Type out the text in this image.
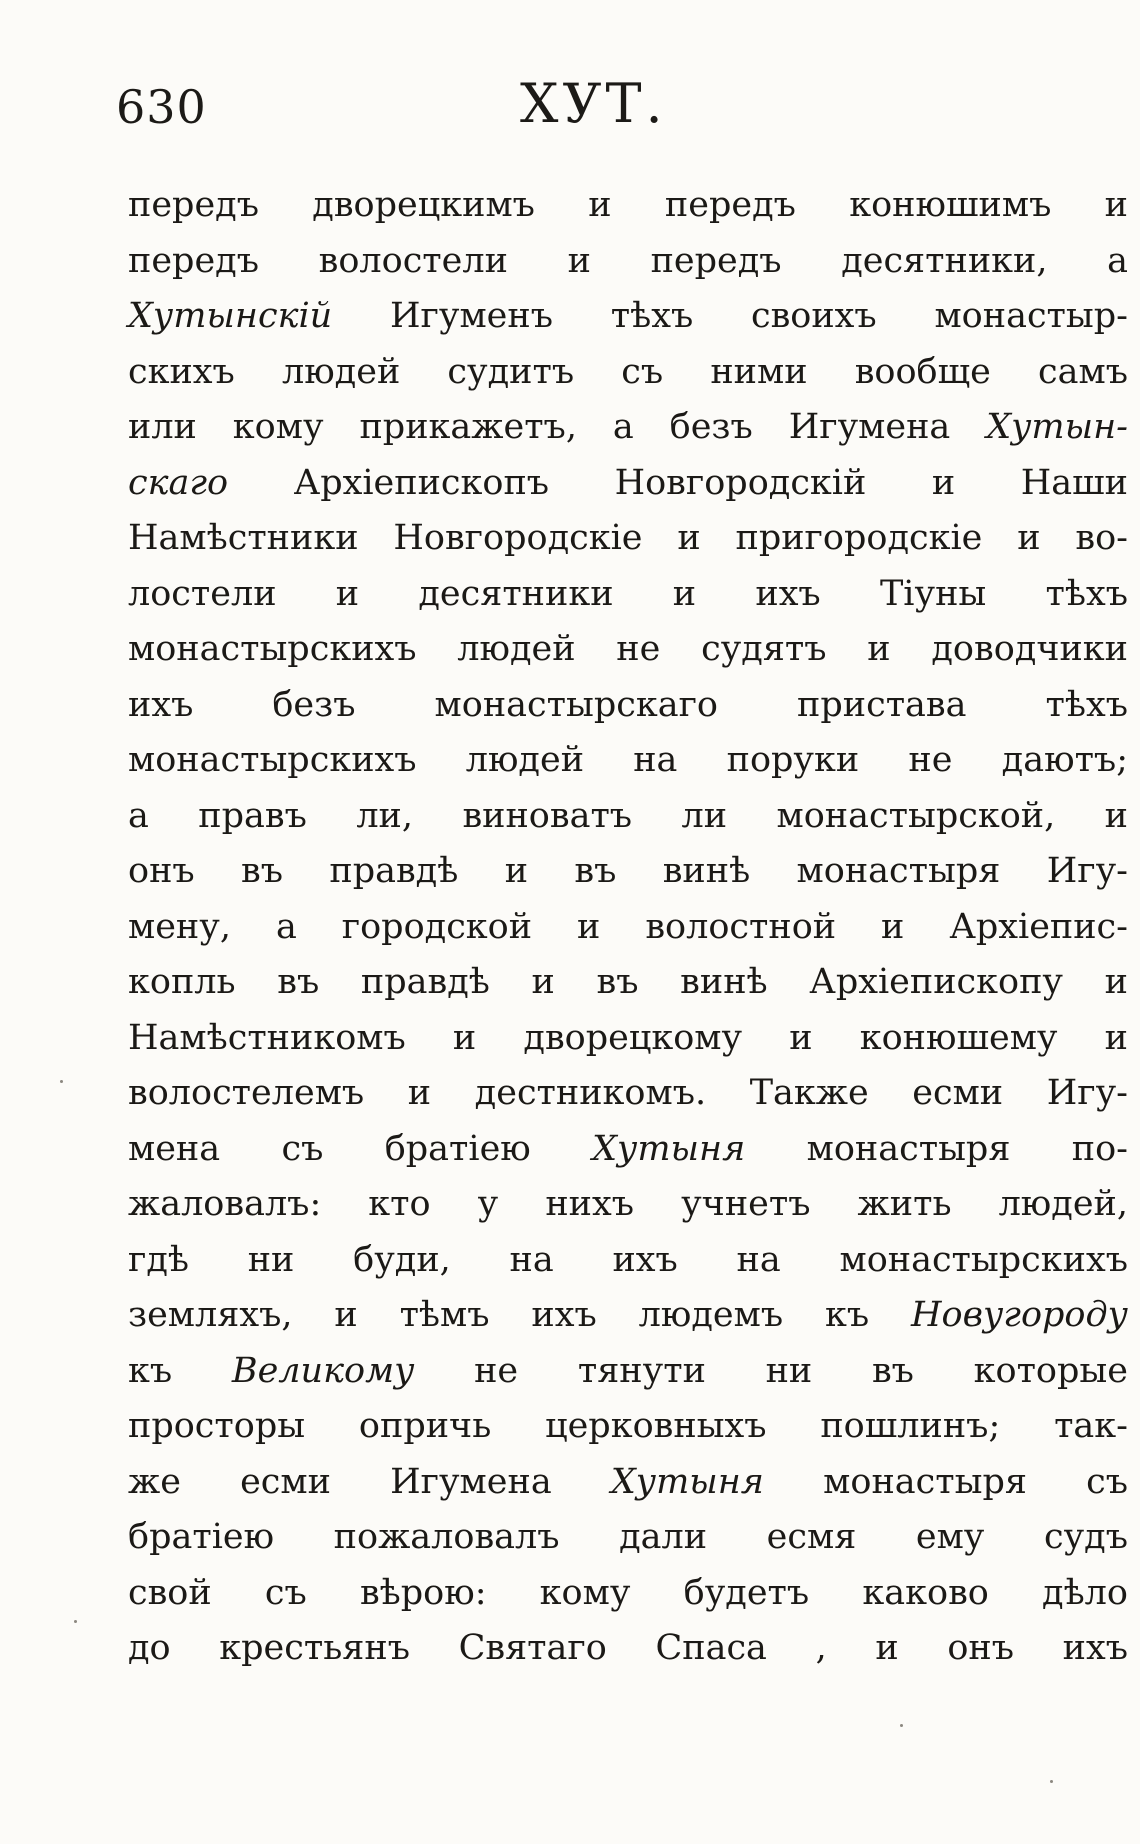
630	ХУТ.
передъ дворецкимъ и передъ конюшимъ и
передъ волостели и передъ десятники, а
Хутынскій Игуменъ тѣхъ своихъ монастыр-
скихъ людей судитъ съ ними вообще самъ
или кому прикажетъ, а безъ Игумена Хутын-
скаго Архіепископъ Новгородскій и Наши
Намѣстники Новгородскіе и пригородскіе и во-
лостели и десятники и ихъ Тіуны тѣхъ
монастырскихъ людей не судятъ и доводчики
ихъ безъ монастырскаго пристава тѣхъ
монастырскихъ людей на поруки не даютъ;
а правъ ли, виноватъ ли монастырской, и
онъ въ правдѣ и въ винѣ монастыря Игу-
мену, а городской и волостной и Архіепис-
копль въ правдѣ и въ винѣ Архіепископу и
Намѣстникомъ и дворецкому и конюшему и
волостелемъ и дестникомъ. Также есми Игу-
мена съ братіею Хутыня монастыря по-
жаловалъ: кто у нихъ учнетъ жить людей,
гдѣ ни буди, на ихъ на монастырскихъ
земляхъ, и тѣмъ ихъ людемъ къ Новугороду
къ Великому не тянути ни въ которые
просторы опричь церковныхъ пошлинъ; так-
же есми Игумена Хутыня монастыря съ
братіею пожаловалъ дали есмя ему судъ
свой съ вѣрою: кому будетъ каково дѣло
до крестьянъ Святаго Спаса , и онъ ихъ
